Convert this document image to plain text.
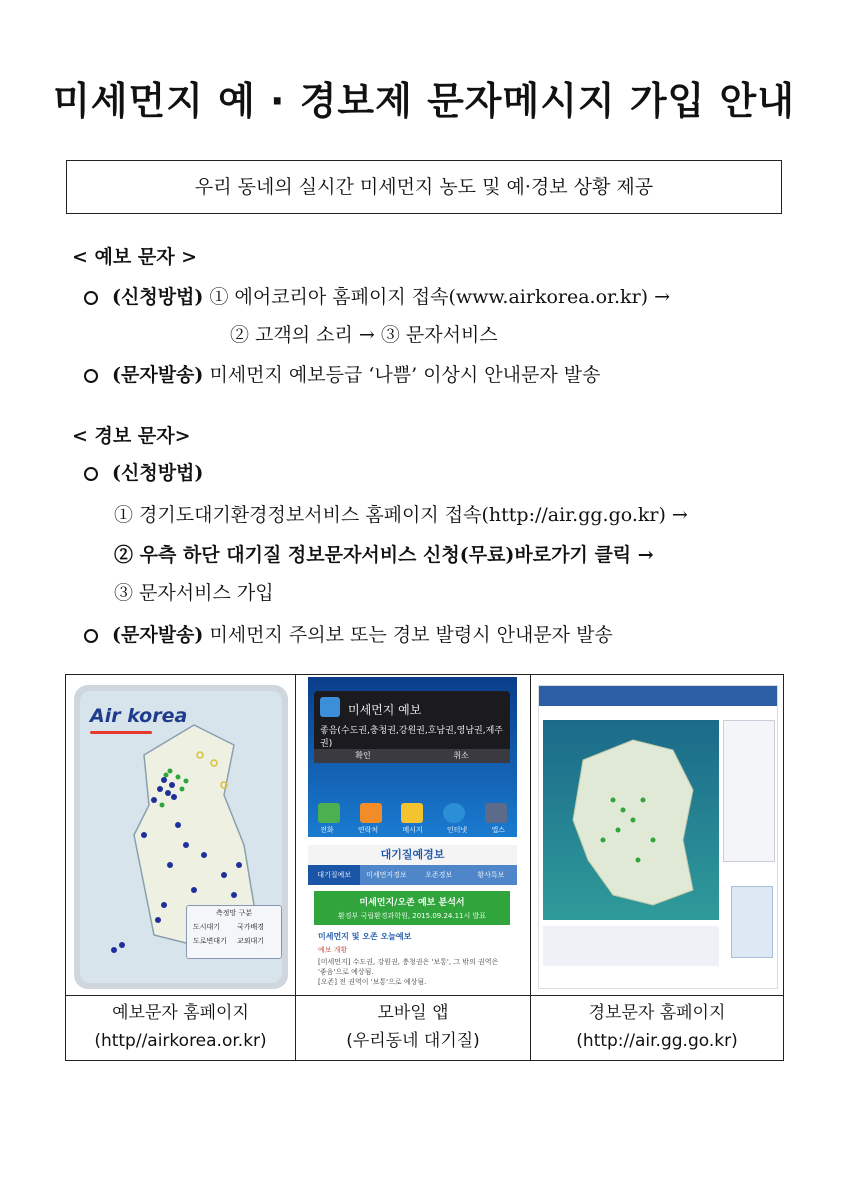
미세먼지 예 · 경보제 문자메시지 가입 안내
우리 동네의 실시간 미세먼지 농도 및 예·경보 상황 제공
< 예보 문자 >
(신청방법) ① 에어코리아 홈페이지 접속(www.airkorea.or.kr) →
② 고객의 소리 → ③ 문자서비스
(문자발송) 미세먼지 예보등급 ‘나쁨’ 이상시 안내문자 발송
< 경보 문자>
(신청방법)
① 경기도대기환경정보서비스 홈페이지 접속(http://air.gg.go.kr) →
② 우측 하단 대기질 정보문자서비스 신청(무료)바로가기 클릭 →
③ 문자서비스 가입
(문자발송) 미세먼지 주의보 또는 경보 발령시 안내문자 발송
Air korea
측정망 구분
도시대기 국가배경
도로변대기 교외대기
미세먼지 예보
좋음(수도권,충청권,강원권,호남권,영남권,제주권)
확인	취소
전화	연락처	메시지	인터넷	앱스
대기질예경보
대기질예보	미세먼지경보	오존경보	황사특보
미세먼지/오존 예보 분석서
환경부 국립환경과학원, 2015.09.24.11시 발표
미세먼지 및 오존 오늘예보
예보 개황
[미세먼지] 수도권, 강원권, 충청권은 '보통', 그 밖의 권역은 '좋음'으로 예상됨.
[오존] 전 권역이 '보통'으로 예상됨.
예보문자 홈페이지
(http//airkorea.or.kr)
모바일 앱
(우리동네 대기질)
경보문자 홈페이지
(http://air.gg.go.kr)
